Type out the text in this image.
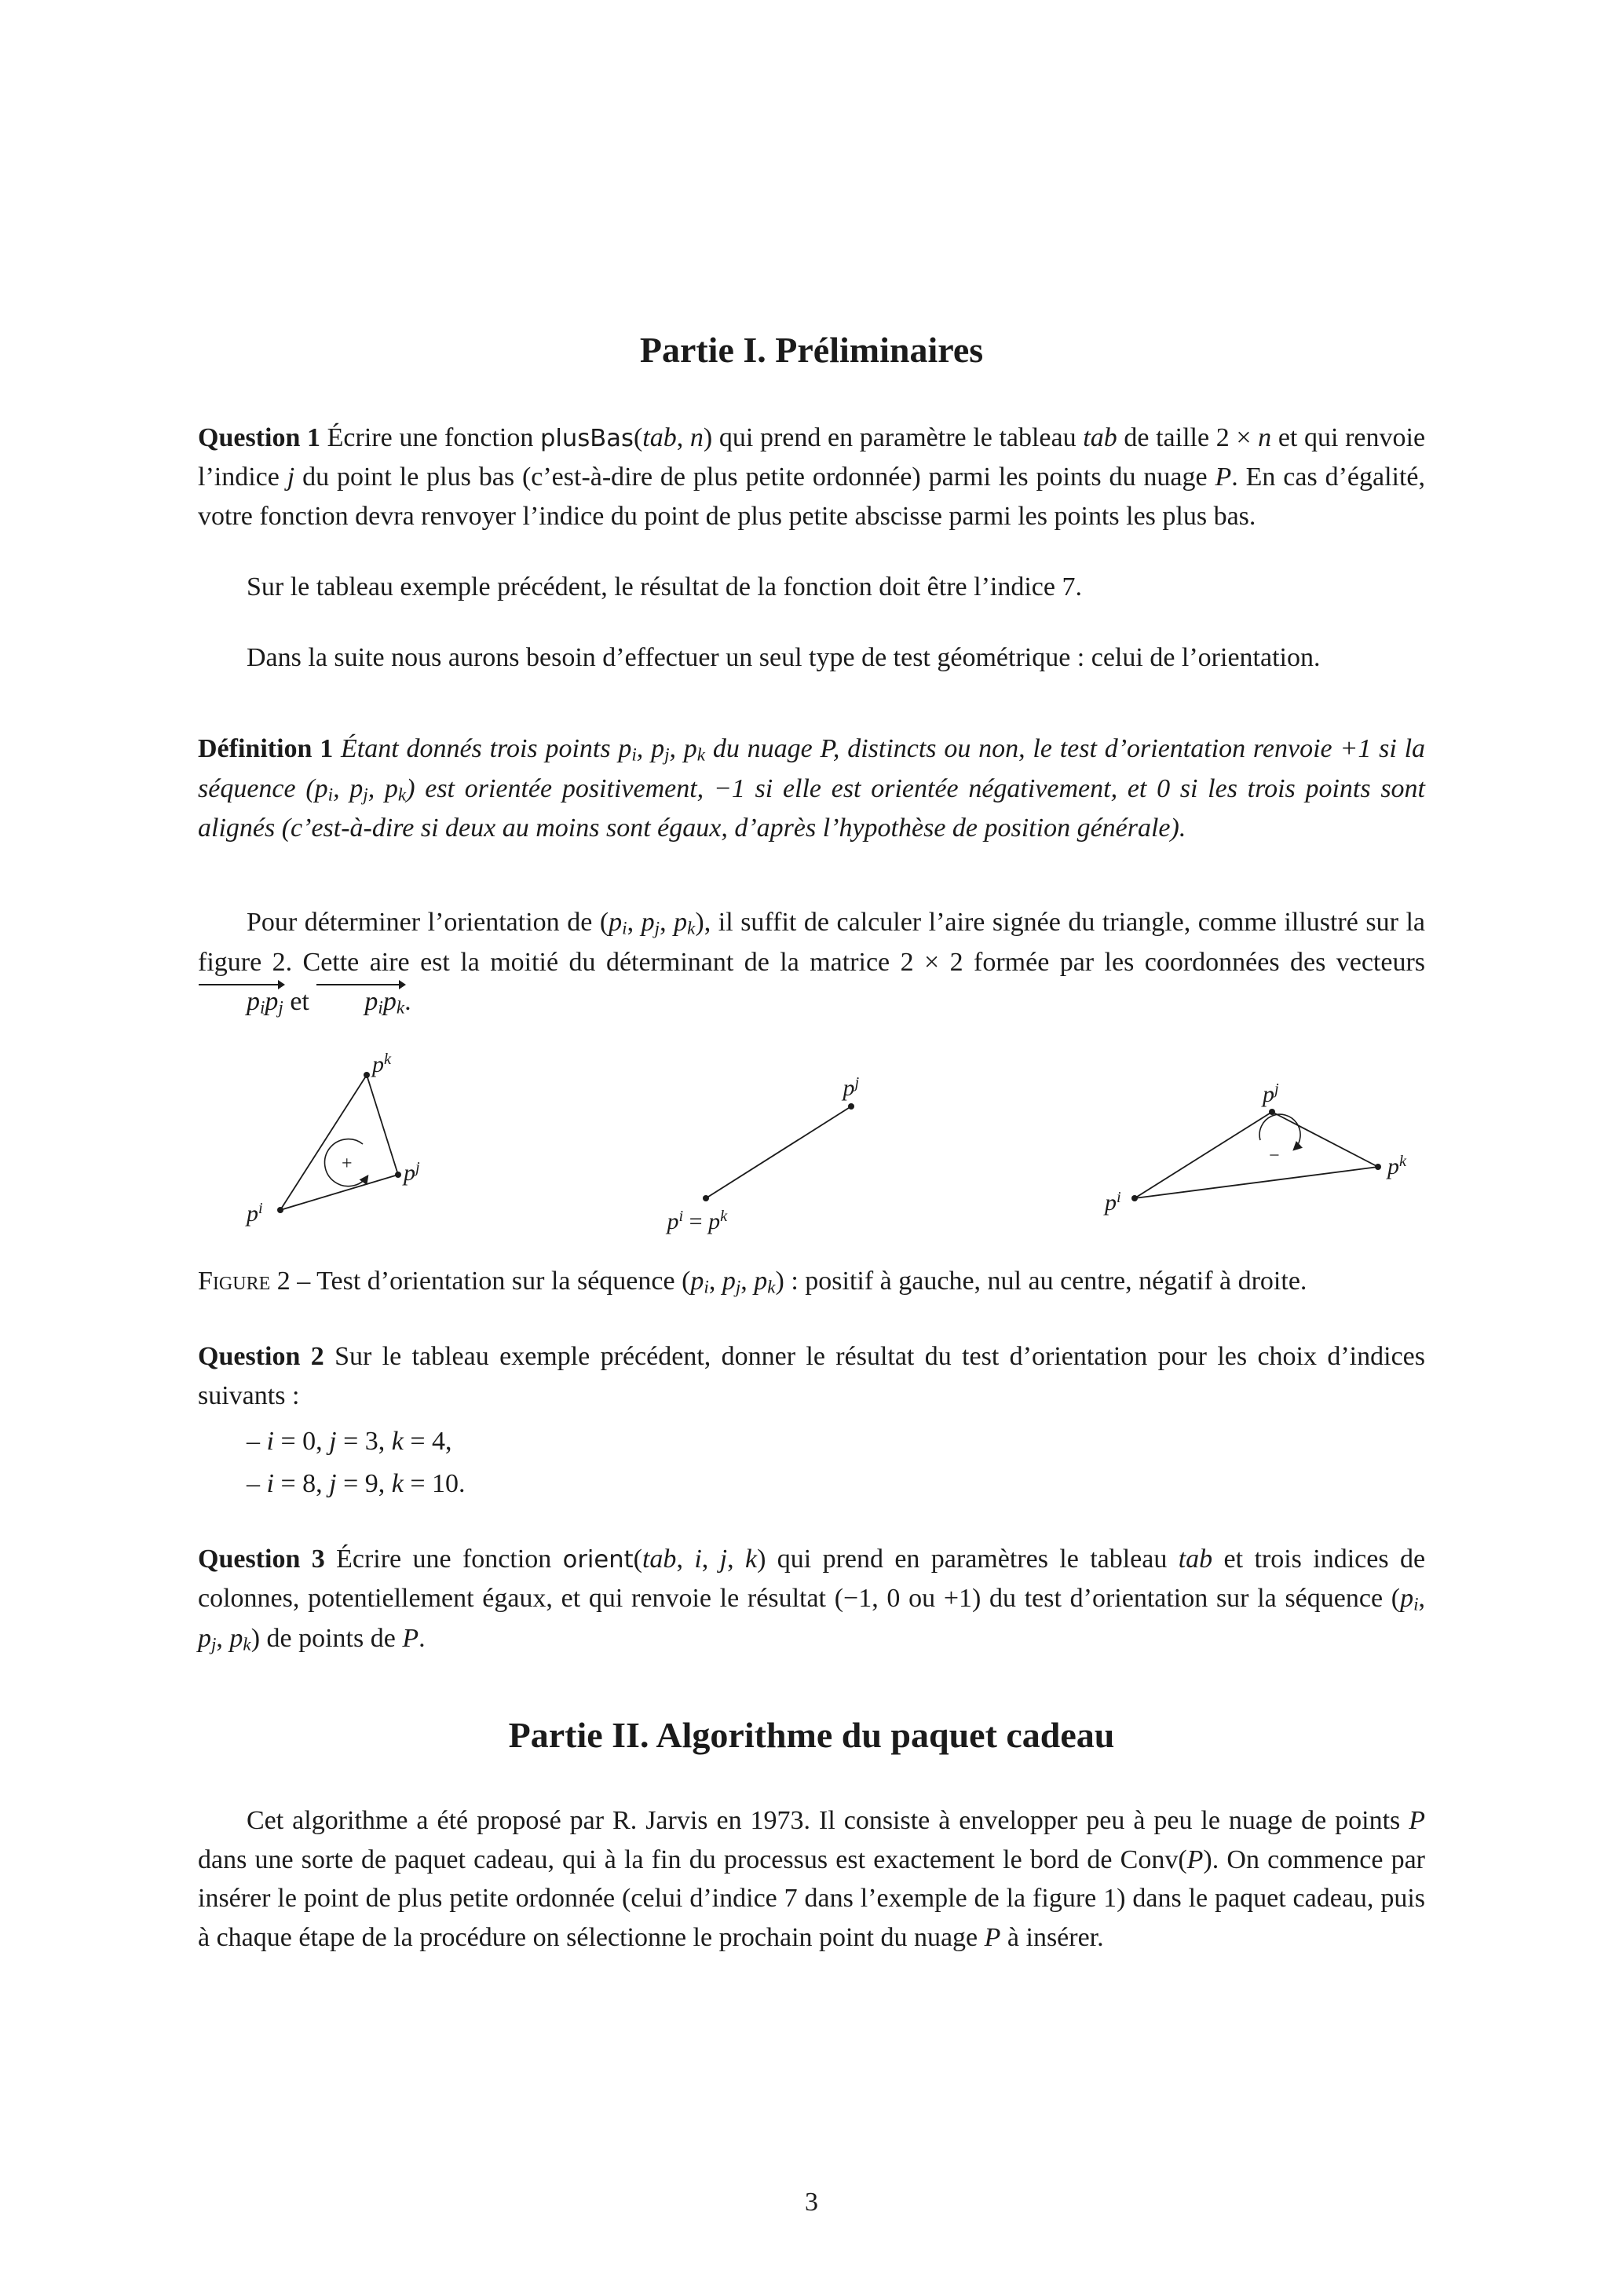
Partie I. Préliminaires

Question 1 Écrire une fonction plusBas(tab, n) qui prend en paramètre le tableau tab de taille 2 × n et qui renvoie l’indice j du point le plus bas (c’est-à-dire de plus petite ordonnée) parmi les points du nuage P. En cas d’égalité, votre fonction devra renvoyer l’indice du point de plus petite abscisse parmi les points les plus bas.

Sur le tableau exemple précédent, le résultat de la fonction doit être l’indice 7.

Dans la suite nous aurons besoin d’effectuer un seul type de test géométrique : celui de l’orientation.

Définition 1 Étant donnés trois points pi, pj, pk du nuage P, distincts ou non, le test d’orientation renvoie +1 si la séquence (pi, pj, pk) est orientée positivement, −1 si elle est orientée négativement, et 0 si les trois points sont alignés (c’est-à-dire si deux au moins sont égaux, d’après l’hypothèse de position générale).

Pour déterminer l’orientation de (pi, pj, pk), il suffit de calculer l’aire signée du triangle, comme illustré sur la figure 2. Cette aire est la moitié du déterminant de la matrice 2 × 2 formée par les coordonnées des vecteurs pipj et pipk.

+
$p^k$
$p^j$
$p^i$
$p^j$
$p^i = p^k$
−
$p^i$
$p^j$
$p^k$

Figure 2 – Test d’orientation sur la séquence (pi, pj, pk) : positif à gauche, nul au centre, négatif à droite.

Question 2 Sur le tableau exemple précédent, donner le résultat du test d’orientation pour les choix d’indices suivants :

– i = 0, j = 3, k = 4,
– i = 8, j = 9, k = 10.

Question 3 Écrire une fonction orient(tab, i, j, k) qui prend en paramètres le tableau tab et trois indices de colonnes, potentiellement égaux, et qui renvoie le résultat (−1, 0 ou +1) du test d’orientation sur la séquence (pi, pj, pk) de points de P.

Partie II. Algorithme du paquet cadeau

Cet algorithme a été proposé par R. Jarvis en 1973. Il consiste à envelopper peu à peu le nuage de points P dans une sorte de paquet cadeau, qui à la fin du processus est exactement le bord de Conv(P). On commence par insérer le point de plus petite ordonnée (celui d’indice 7 dans l’exemple de la figure 1) dans le paquet cadeau, puis à chaque étape de la procédure on sélectionne le prochain point du nuage P à insérer.

3
